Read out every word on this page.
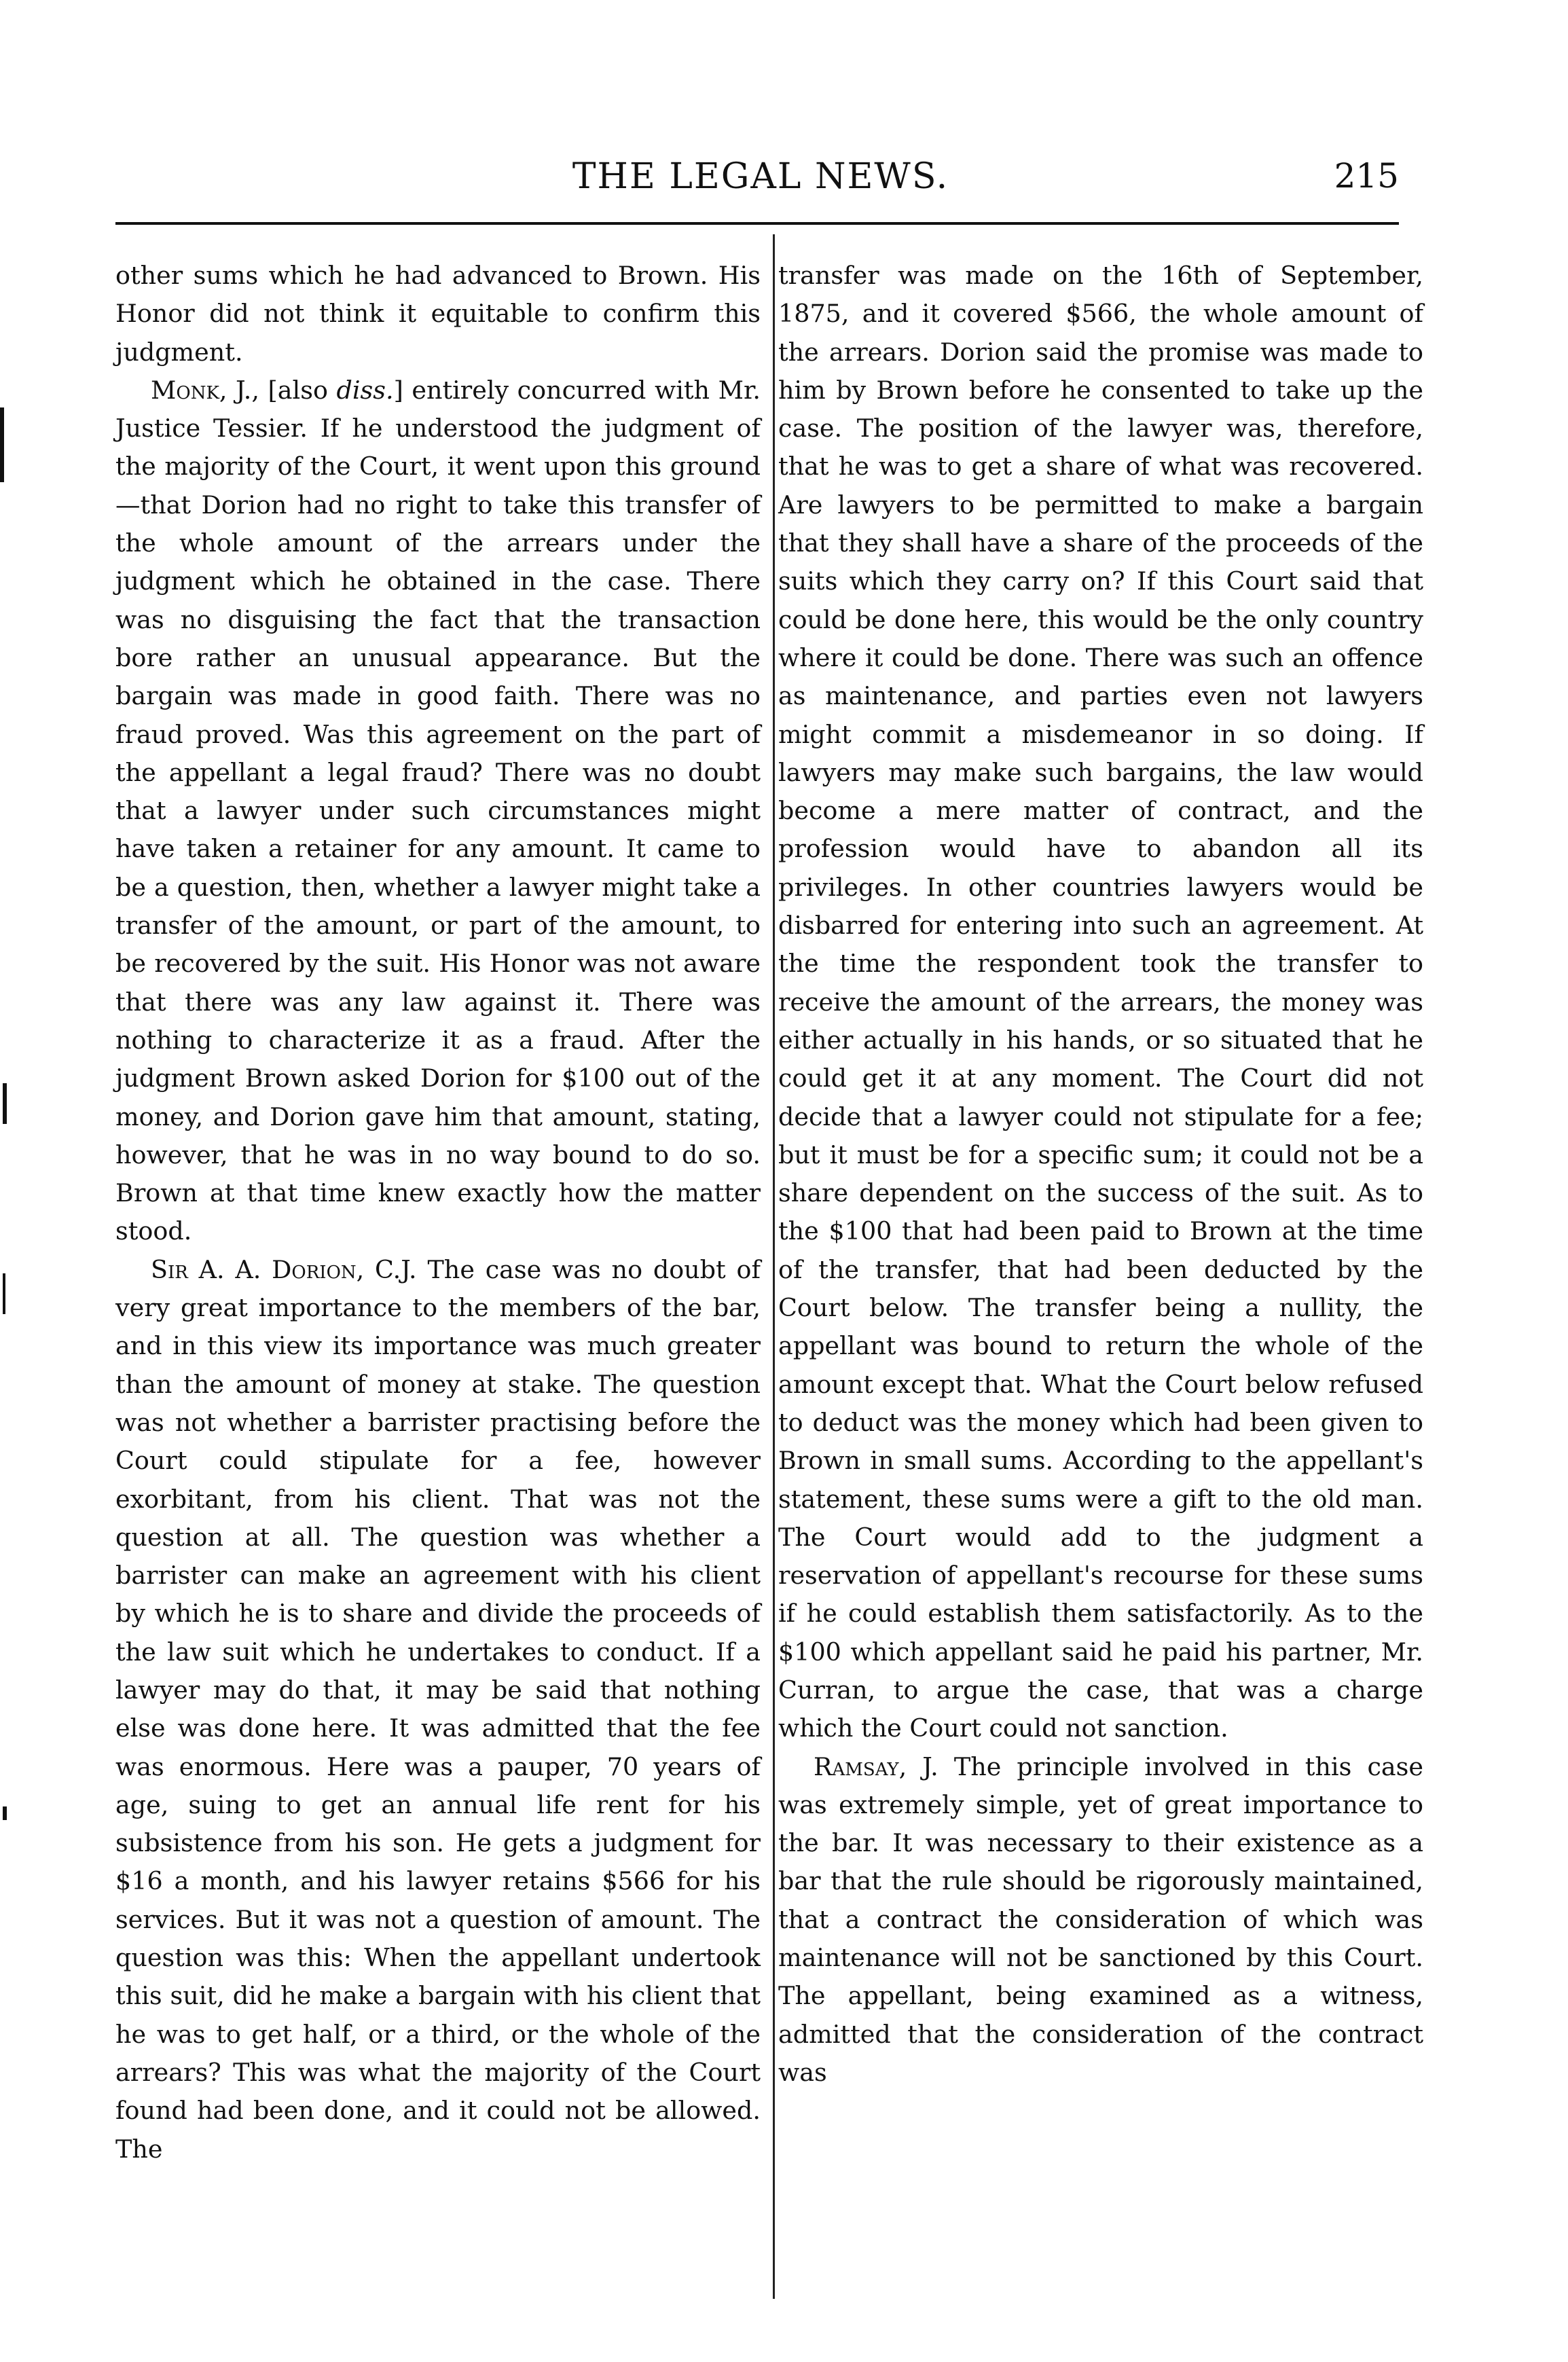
THE LEGAL NEWS.	215

other sums which he had advanced to Brown. His Honor did not think it equitable to confirm this judgment.

Monk, J., [also diss.] entirely concurred with Mr. Justice Tessier. If he understood the judgment of the majority of the Court, it went upon this ground—that Dorion had no right to take this transfer of the whole amount of the arrears under the judgment which he obtained in the case. There was no disguising the fact that the transaction bore rather an unusual appearance. But the bargain was made in good faith. There was no fraud proved. Was this agreement on the part of the appellant a legal fraud? There was no doubt that a lawyer under such circumstances might have taken a retainer for any amount. It came to be a question, then, whether a lawyer might take a transfer of the amount, or part of the amount, to be recovered by the suit. His Honor was not aware that there was any law against it. There was nothing to characterize it as a fraud. After the judgment Brown asked Dorion for $100 out of the money, and Dorion gave him that amount, stating, however, that he was in no way bound to do so. Brown at that time knew exactly how the matter stood.

Sir A. A. Dorion, C.J. The case was no doubt of very great importance to the members of the bar, and in this view its importance was much greater than the amount of money at stake. The question was not whether a barrister practising before the Court could stipulate for a fee, however exorbitant, from his client. That was not the question at all. The question was whether a barrister can make an agreement with his client by which he is to share and divide the proceeds of the law suit which he undertakes to conduct. If a lawyer may do that, it may be said that nothing else was done here. It was admitted that the fee was enormous. Here was a pauper, 70 years of age, suing to get an annual life rent for his subsistence from his son. He gets a judgment for $16 a month, and his lawyer retains $566 for his services. But it was not a question of amount. The question was this: When the appellant undertook this suit, did he make a bargain with his client that he was to get half, or a third, or the whole of the arrears? This was what the majority of the Court found had been done, and it could not be allowed. The

transfer was made on the 16th of September, 1875, and it covered $566, the whole amount of the arrears. Dorion said the promise was made to him by Brown before he consented to take up the case. The position of the lawyer was, therefore, that he was to get a share of what was recovered. Are lawyers to be permitted to make a bargain that they shall have a share of the proceeds of the suits which they carry on? If this Court said that could be done here, this would be the only country where it could be done. There was such an offence as maintenance, and parties even not lawyers might commit a misdemeanor in so doing. If lawyers may make such bargains, the law would become a mere matter of contract, and the profession would have to abandon all its privileges. In other countries lawyers would be disbarred for entering into such an agreement. At the time the respondent took the transfer to receive the amount of the arrears, the money was either actually in his hands, or so situated that he could get it at any moment. The Court did not decide that a lawyer could not stipulate for a fee; but it must be for a specific sum; it could not be a share dependent on the success of the suit. As to the $100 that had been paid to Brown at the time of the transfer, that had been deducted by the Court below. The transfer being a nullity, the appellant was bound to return the whole of the amount except that. What the Court below refused to deduct was the money which had been given to Brown in small sums. According to the appellant's statement, these sums were a gift to the old man. The Court would add to the judgment a reservation of appellant's recourse for these sums if he could establish them satisfactorily. As to the $100 which appellant said he paid his partner, Mr. Curran, to argue the case, that was a charge which the Court could not sanction.

Ramsay, J. The principle involved in this case was extremely simple, yet of great importance to the bar. It was necessary to their existence as a bar that the rule should be rigorously maintained, that a contract the consideration of which was maintenance will not be sanctioned by this Court. The appellant, being examined as a witness, admitted that the consideration of the contract was
